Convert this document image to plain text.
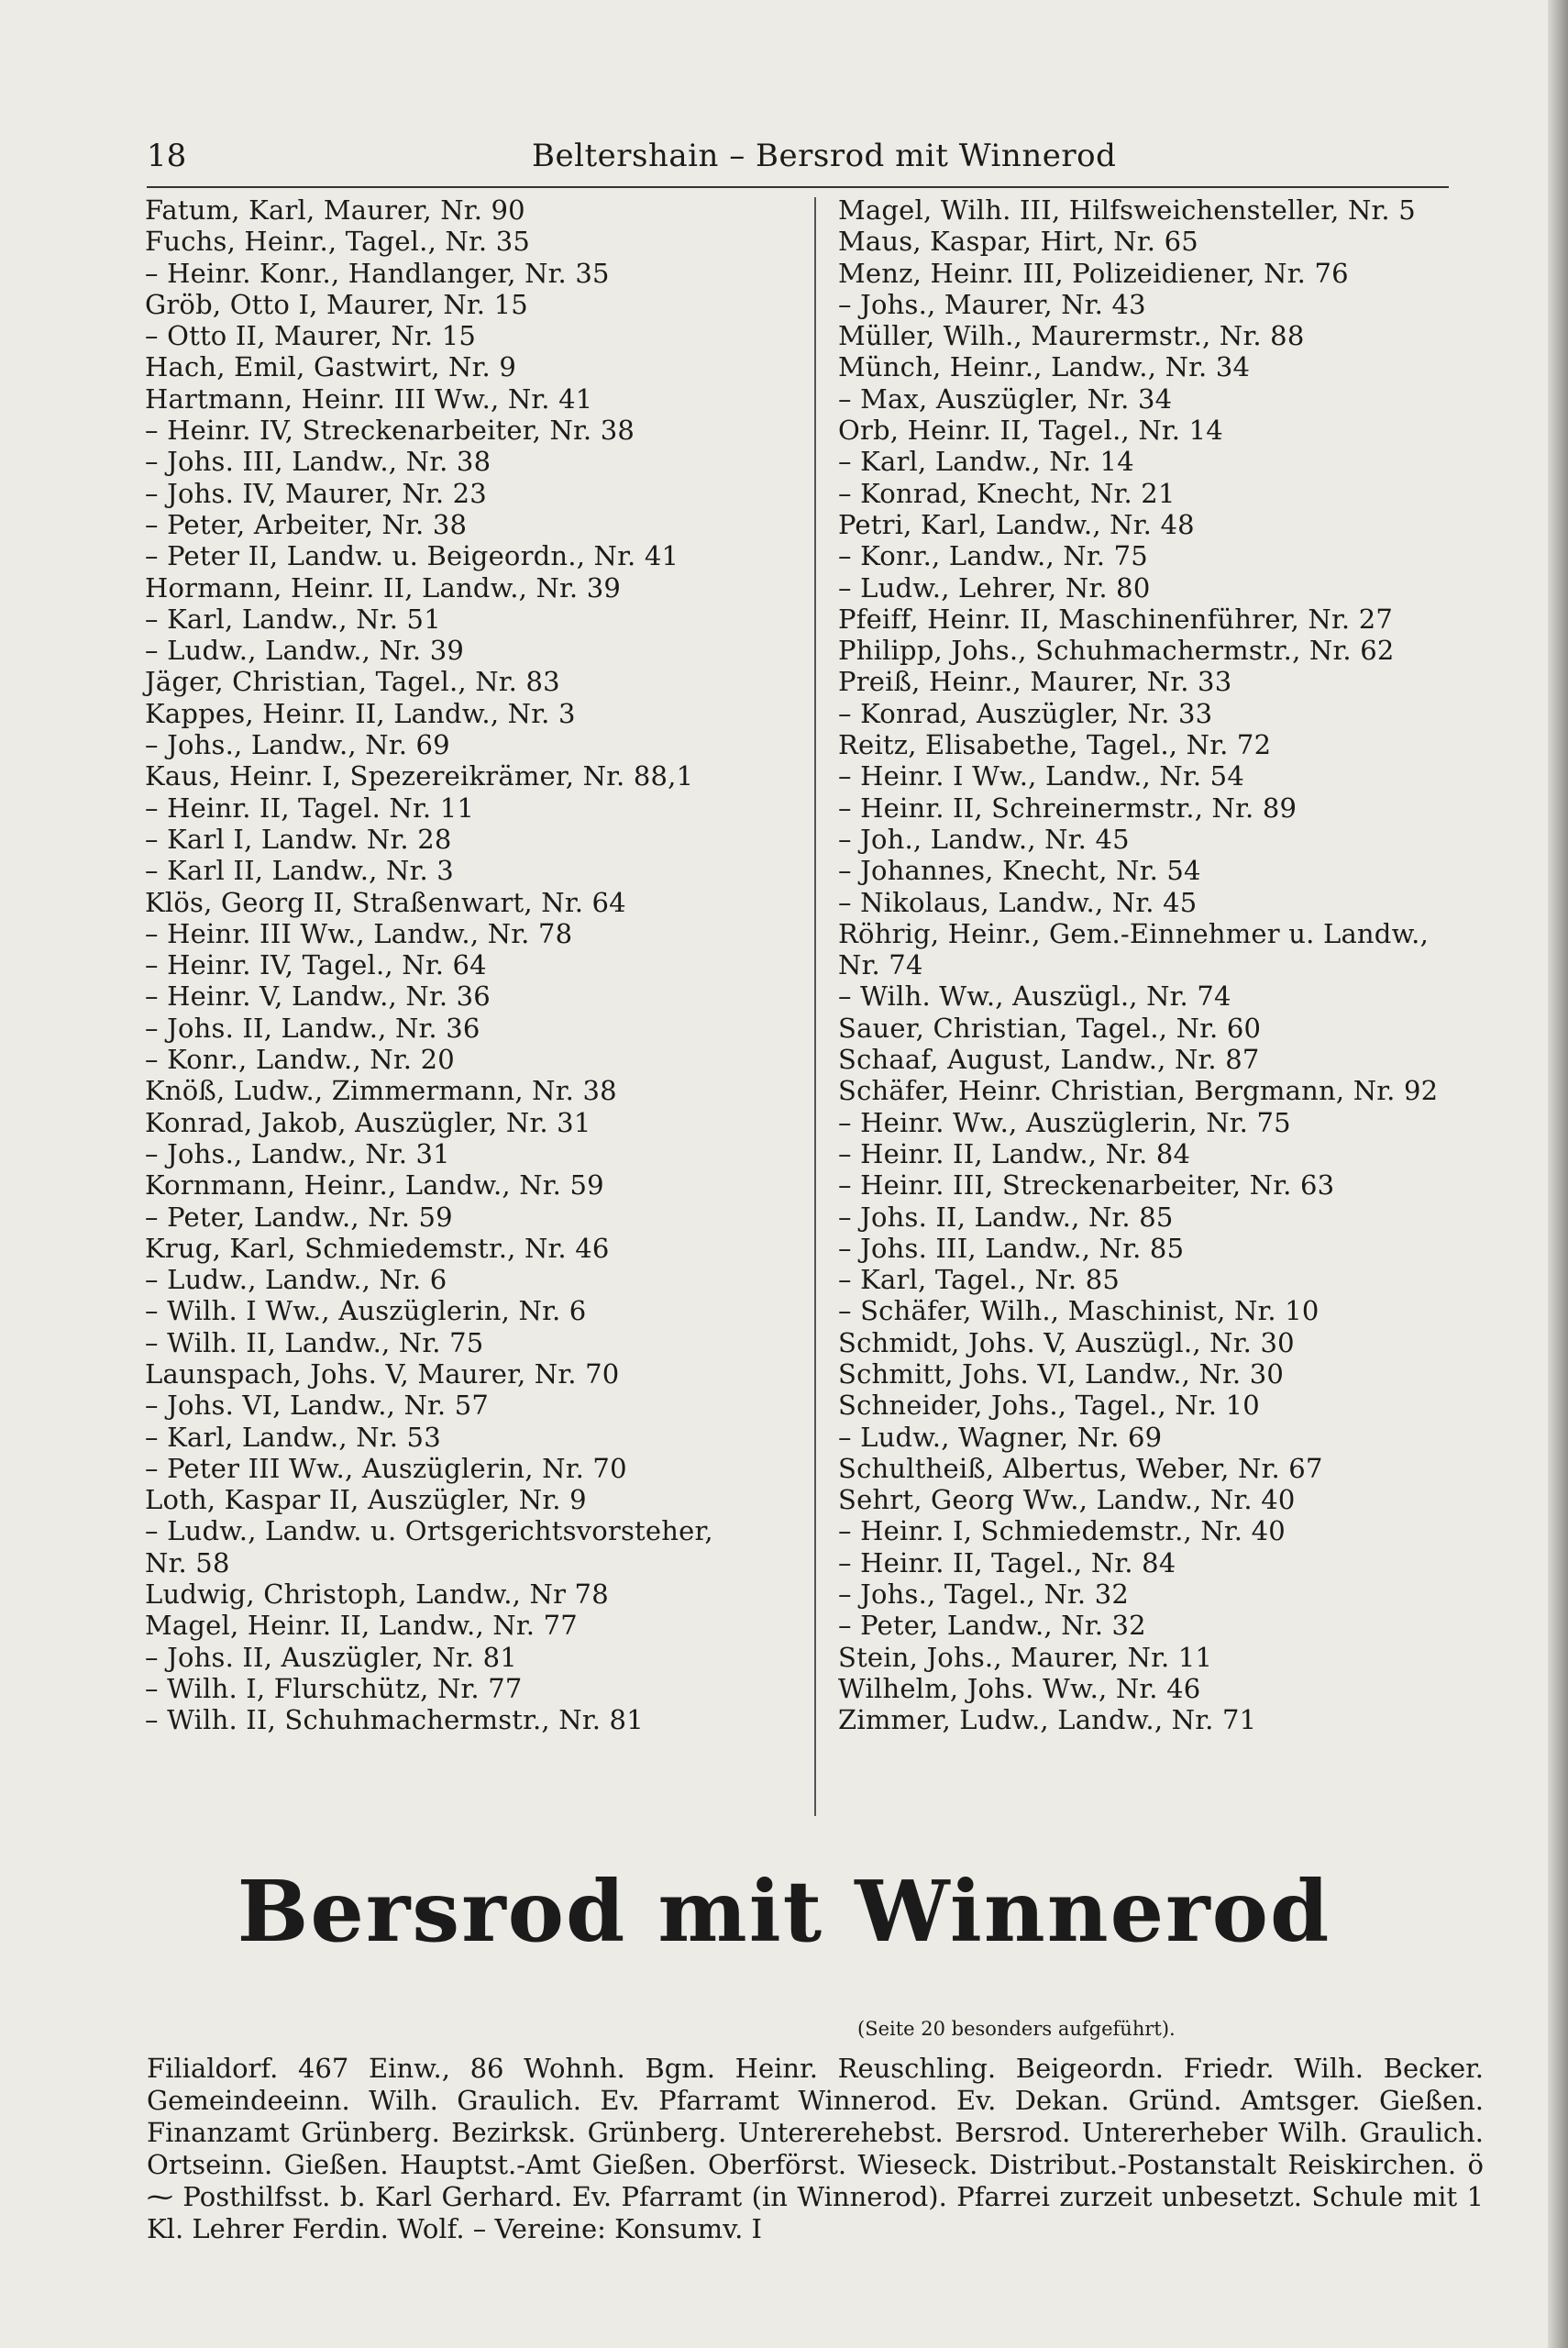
18	Beltershain – Bersrod mit Winnerod
Fatum, Karl, Maurer, Nr. 90
Fuchs, Heinr., Tagel., Nr. 35
– Heinr. Konr., Handlanger, Nr. 35
Gröb, Otto I, Maurer, Nr. 15
– Otto II, Maurer, Nr. 15
Hach, Emil, Gastwirt, Nr. 9
Hartmann, Heinr. III Ww., Nr. 41
– Heinr. IV, Streckenarbeiter, Nr. 38
– Johs. III, Landw., Nr. 38
– Johs. IV, Maurer, Nr. 23
– Peter, Arbeiter, Nr. 38
– Peter II, Landw. u. Beigeordn., Nr. 41
Hormann, Heinr. II, Landw., Nr. 39
– Karl, Landw., Nr. 51
– Ludw., Landw., Nr. 39
Jäger, Christian, Tagel., Nr. 83
Kappes, Heinr. II, Landw., Nr. 3
– Johs., Landw., Nr. 69
Kaus, Heinr. I, Spezereikrämer, Nr. 88,1
– Heinr. II, Tagel. Nr. 11
– Karl I, Landw. Nr. 28
– Karl II, Landw., Nr. 3
Klös, Georg II, Straßenwart, Nr. 64
– Heinr. III Ww., Landw., Nr. 78
– Heinr. IV, Tagel., Nr. 64
– Heinr. V, Landw., Nr. 36
– Johs. II, Landw., Nr. 36
– Konr., Landw., Nr. 20
Knöß, Ludw., Zimmermann, Nr. 38
Konrad, Jakob, Auszügler, Nr. 31
– Johs., Landw., Nr. 31
Kornmann, Heinr., Landw., Nr. 59
– Peter, Landw., Nr. 59
Krug, Karl, Schmiedemstr., Nr. 46
– Ludw., Landw., Nr. 6
– Wilh. I Ww., Auszüglerin, Nr. 6
– Wilh. II, Landw., Nr. 75
Launspach, Johs. V, Maurer, Nr. 70
– Johs. VI, Landw., Nr. 57
– Karl, Landw., Nr. 53
– Peter III Ww., Auszüglerin, Nr. 70
Loth, Kaspar II, Auszügler, Nr. 9
– Ludw., Landw. u. Ortsgerichtsvorsteher,
Nr. 58
Ludwig, Christoph, Landw., Nr 78
Magel, Heinr. II, Landw., Nr. 77
– Johs. II, Auszügler, Nr. 81
– Wilh. I, Flurschütz, Nr. 77
– Wilh. II, Schuhmachermstr., Nr. 81
Magel, Wilh. III, Hilfsweichensteller, Nr. 5
Maus, Kaspar, Hirt, Nr. 65
Menz, Heinr. III, Polizeidiener, Nr. 76
– Johs., Maurer, Nr. 43
Müller, Wilh., Maurermstr., Nr. 88
Münch, Heinr., Landw., Nr. 34
– Max, Auszügler, Nr. 34
Orb, Heinr. II, Tagel., Nr. 14
– Karl, Landw., Nr. 14
– Konrad, Knecht, Nr. 21
Petri, Karl, Landw., Nr. 48
– Konr., Landw., Nr. 75
– Ludw., Lehrer, Nr. 80
Pfeiff, Heinr. II, Maschinenführer, Nr. 27
Philipp, Johs., Schuhmachermstr., Nr. 62
Preiß, Heinr., Maurer, Nr. 33
– Konrad, Auszügler, Nr. 33
Reitz, Elisabethe, Tagel., Nr. 72
– Heinr. I Ww., Landw., Nr. 54
– Heinr. II, Schreinermstr., Nr. 89
– Joh., Landw., Nr. 45
– Johannes, Knecht, Nr. 54
– Nikolaus, Landw., Nr. 45
Röhrig, Heinr., Gem.-Einnehmer u. Landw.,
Nr. 74
– Wilh. Ww., Auszügl., Nr. 74
Sauer, Christian, Tagel., Nr. 60
Schaaf, August, Landw., Nr. 87
Schäfer, Heinr. Christian, Bergmann, Nr. 92
– Heinr. Ww., Auszüglerin, Nr. 75
– Heinr. II, Landw., Nr. 84
– Heinr. III, Streckenarbeiter, Nr. 63
– Johs. II, Landw., Nr. 85
– Johs. III, Landw., Nr. 85
– Karl, Tagel., Nr. 85
– Schäfer, Wilh., Maschinist, Nr. 10
Schmidt, Johs. V, Auszügl., Nr. 30
Schmitt, Johs. VI, Landw., Nr. 30
Schneider, Johs., Tagel., Nr. 10
– Ludw., Wagner, Nr. 69
Schultheiß, Albertus, Weber, Nr. 67
Sehrt, Georg Ww., Landw., Nr. 40
– Heinr. I, Schmiedemstr., Nr. 40
– Heinr. II, Tagel., Nr. 84
– Johs., Tagel., Nr. 32
– Peter, Landw., Nr. 32
Stein, Johs., Maurer, Nr. 11
Wilhelm, Johs. Ww., Nr. 46
Zimmer, Ludw., Landw., Nr. 71
Bersrod mit Winnerod
(Seite 20 besonders aufgeführt).
Filialdorf. 467 Einw., 86 Wohnh. Bgm. Heinr. Reuschling. Beigeordn. Friedr. Wilh. Becker. Gemeindeeinn. Wilh. Graulich. Ev. Pfarramt Winnerod. Ev. Dekan. Gründ. Amtsger. Gießen. Finanzamt Grünberg. Bezirksk. Grünberg. Unterereheb​st. Bersrod. Untererheber Wilh. Graulich. Ortseinn. Gießen. Hauptst.-Amt Gießen. Oberförst. Wieseck. Distribut.-Postanstalt Reiskirchen. ö ⁓ Posthilfsst. b. Karl Gerhard. Ev. Pfarramt (in Winnerod). Pfarrei zurzeit unbesetzt. Schule mit 1 Kl. Lehrer Ferdin. Wolf. – Vereine: Konsumv. I
